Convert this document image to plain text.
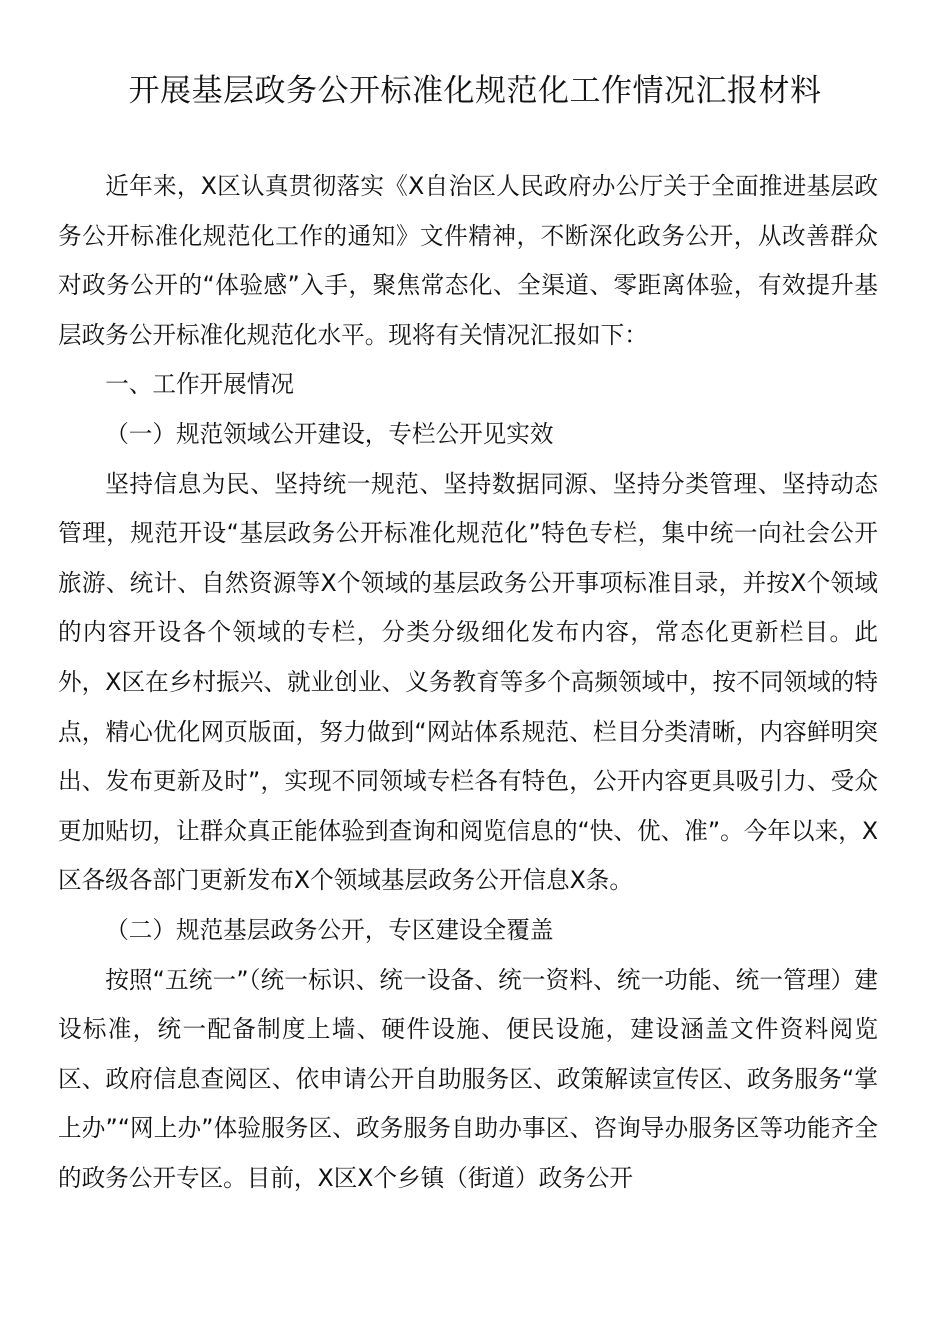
开展基层政务公开标准化规范化工作情况汇报材料

近年来，X区认真贯彻落实《X自治区人民政府办公厅关于全面推进基层政务公开标准化规范化工作的通知》文件精神，不断深化政务公开，从改善群众对政务公开的“体验感”入手，聚焦常态化、全渠道、零距离体验，有效提升基层政务公开标准化规范化水平。现将有关情况汇报如下：

一、工作开展情况

（一）规范领域公开建设，专栏公开见实效

坚持信息为民、坚持统一规范、坚持数据同源、坚持分类管理、坚持动态管理，规范开设“基层政务公开标准化规范化”特色专栏，集中统一向社会公开旅游、统计、自然资源等X个领域的基层政务公开事项标准目录，并按X个领域的内容开设各个领域的专栏，分类分级细化发布内容，常态化更新栏目。此外，X区在乡村振兴、就业创业、义务教育等多个高频领域中，按不同领域的特点，精心优化网页版面，努力做到“网站体系规范、栏目分类清晰，内容鲜明突出、发布更新及时”，实现不同领域专栏各有特色，公开内容更具吸引力、受众更加贴切，让群众真正能体验到查询和阅览信息的“快、优、准”。今年以来，X区各级各部门更新发布X个领域基层政务公开信息X条。

（二）规范基层政务公开，专区建设全覆盖

按照“五统一”（统一标识、统一设备、统一资料、统一功能、统一管理）建设标准，统一配备制度上墙、硬件设施、便民设施，建设涵盖文件资料阅览区、政府信息查阅区、依申请公开自助服务区、政策解读宣传区、政务服务“掌上办”“网上办”体验服务区、政务服务自助办事区、咨询导办服务区等功能齐全的政务公开专区。目前，X区X个乡镇（街道）政务公开
